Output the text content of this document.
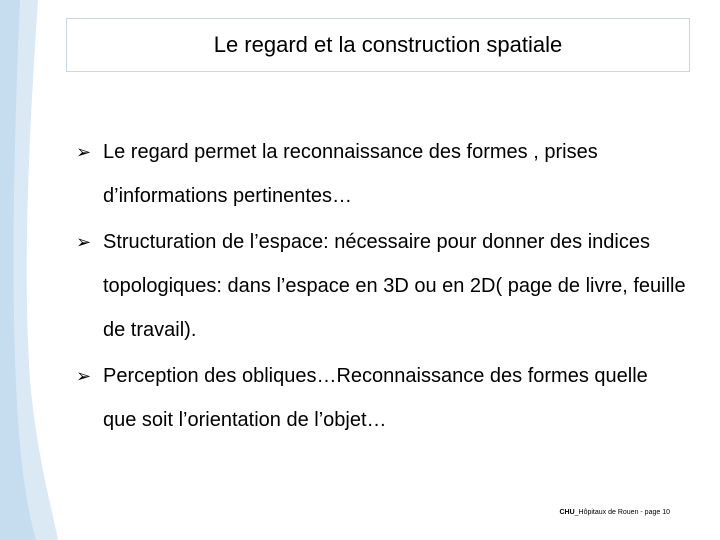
Le regard et la construction spatiale
➢ Le regard permet la reconnaissance des formes , prises d’informations pertinentes…
➢ Structuration de l’espace: nécessaire pour donner des indices topologiques: dans l’espace en 3D ou en 2D( page de livre, feuille de travail).
➢ Perception des obliques…Reconnaissance des formes quelle que soit l’orientation de l’objet…
CHU_Hôpitaux de Rouen - page 10
